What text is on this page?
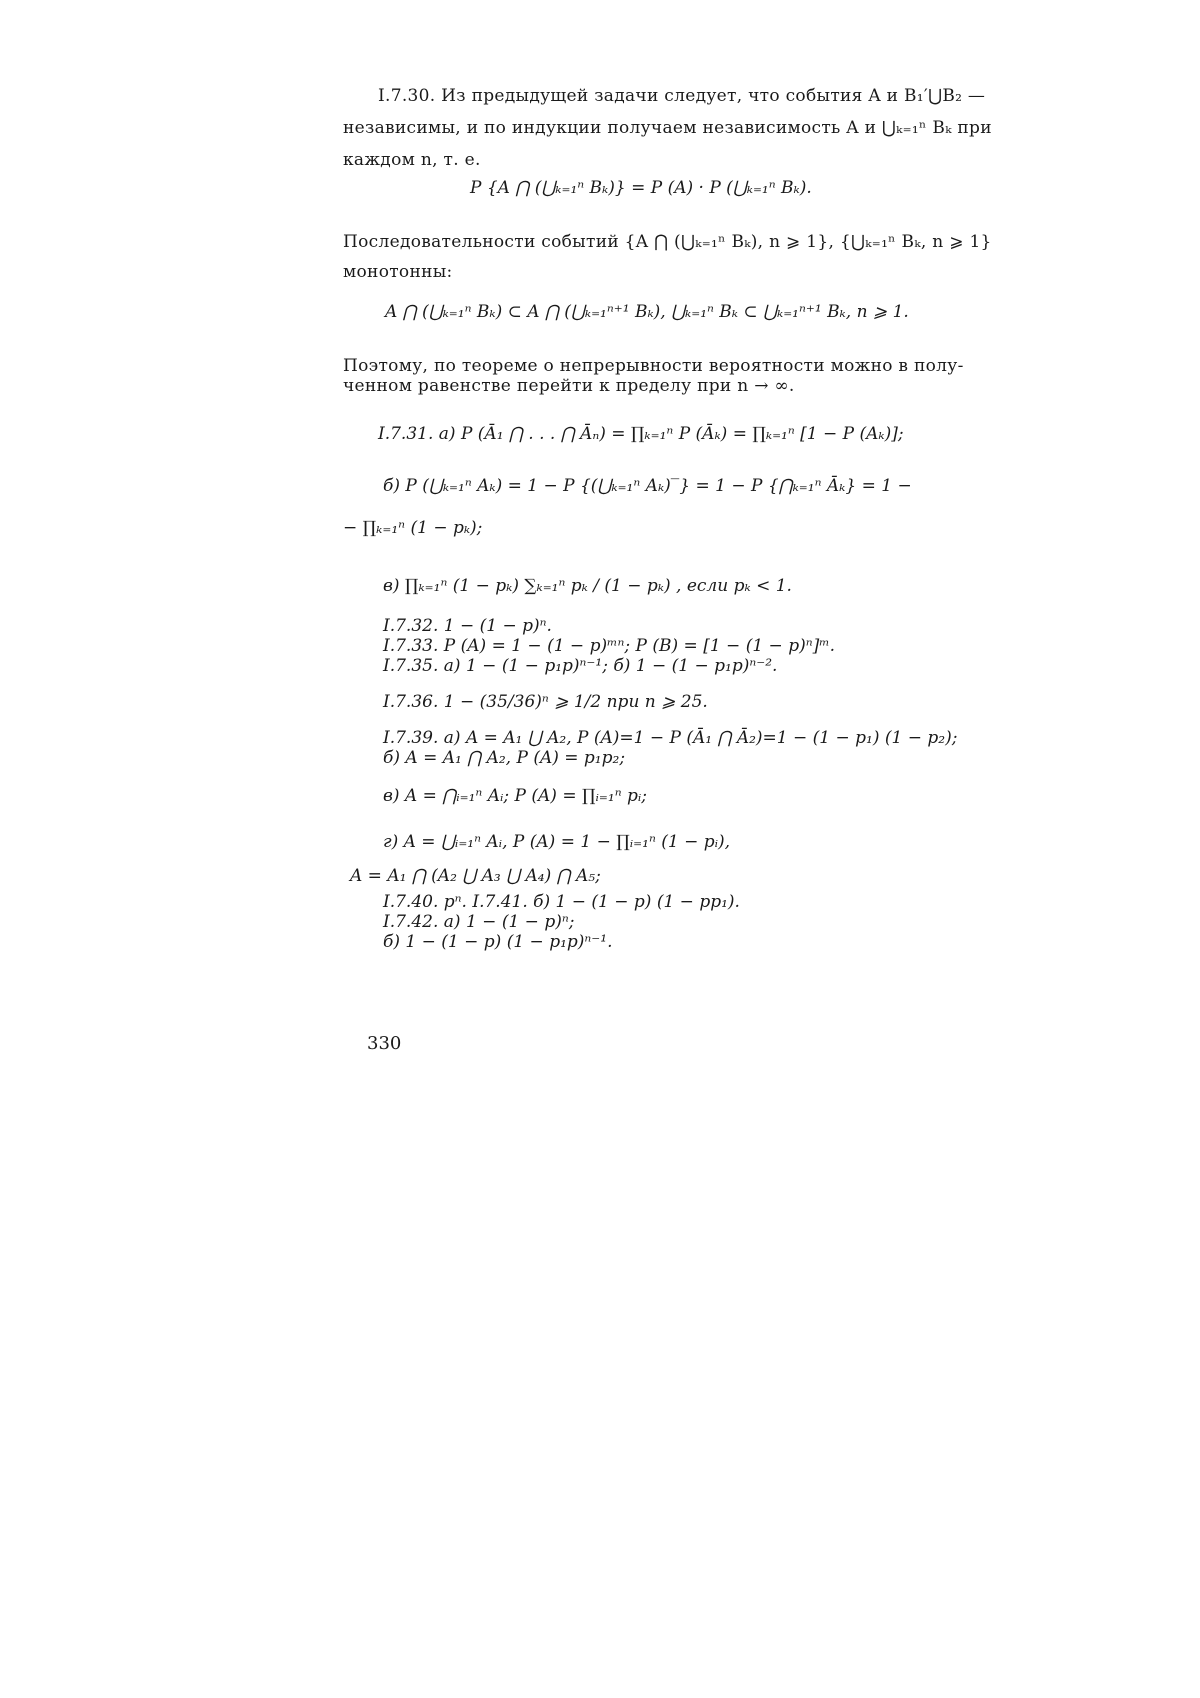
I.7.30. Из предыдущей задачи следует, что события A и B₁′⋃B₂ —
независимы, и по индукции получаем независимость A и ⋃ₖ₌₁ⁿ Bₖ при
каждом n, т. е.
P {A ⋂ (⋃ₖ₌₁ⁿ Bₖ)} = P (A) · P (⋃ₖ₌₁ⁿ Bₖ).
Последовательности событий {A ⋂ (⋃ₖ₌₁ⁿ Bₖ), n ⩾ 1}, {⋃ₖ₌₁ⁿ Bₖ, n ⩾ 1}
монотонны:
A ⋂ (⋃ₖ₌₁ⁿ Bₖ) ⊂ A ⋂ (⋃ₖ₌₁ⁿ⁺¹ Bₖ), ⋃ₖ₌₁ⁿ Bₖ ⊂ ⋃ₖ₌₁ⁿ⁺¹ Bₖ, n ⩾ 1.
Поэтому, по теореме о непрерывности вероятности можно в полу-
ченном равенстве перейти к пределу при n → ∞.
I.7.31. а) P (Ā₁ ⋂ . . . ⋂ Āₙ) = ∏ₖ₌₁ⁿ P (Āₖ) = ∏ₖ₌₁ⁿ [1 − P (Aₖ)];
б) P (⋃ₖ₌₁ⁿ Aₖ) = 1 − P {(⋃ₖ₌₁ⁿ Aₖ)‾} = 1 − P {⋂ₖ₌₁ⁿ Āₖ} = 1 −
− ∏ₖ₌₁ⁿ (1 − pₖ);
в) ∏ₖ₌₁ⁿ (1 − pₖ) ∑ₖ₌₁ⁿ pₖ / (1 − pₖ) , если pₖ < 1.
I.7.32. 1 − (1 − p)ⁿ.
I.7.33. P (A) = 1 − (1 − p)ᵐⁿ; P (B) = [1 − (1 − p)ⁿ]ᵐ.
I.7.35. а) 1 − (1 − p₁p)ⁿ⁻¹; б) 1 − (1 − p₁p)ⁿ⁻².
I.7.36. 1 − (35/36)ⁿ ⩾ 1/2 при n ⩾ 25.
I.7.39. а) A = A₁ ⋃ A₂, P (A)=1 − P (Ā₁ ⋂ Ā₂)=1 − (1 − p₁) (1 − p₂);
б) A = A₁ ⋂ A₂, P (A) = p₁p₂;
в) A = ⋂ᵢ₌₁ⁿ Aᵢ; P (A) = ∏ᵢ₌₁ⁿ pᵢ;
г) A = ⋃ᵢ₌₁ⁿ Aᵢ, P (A) = 1 − ∏ᵢ₌₁ⁿ (1 − pᵢ),
A = A₁ ⋂ (A₂ ⋃ A₃ ⋃ A₄) ⋂ A₅;
I.7.40. pⁿ. I.7.41. б) 1 − (1 − p) (1 − pp₁).
I.7.42. а) 1 − (1 − p)ⁿ;
б) 1 − (1 − p) (1 − p₁p)ⁿ⁻¹.
330
